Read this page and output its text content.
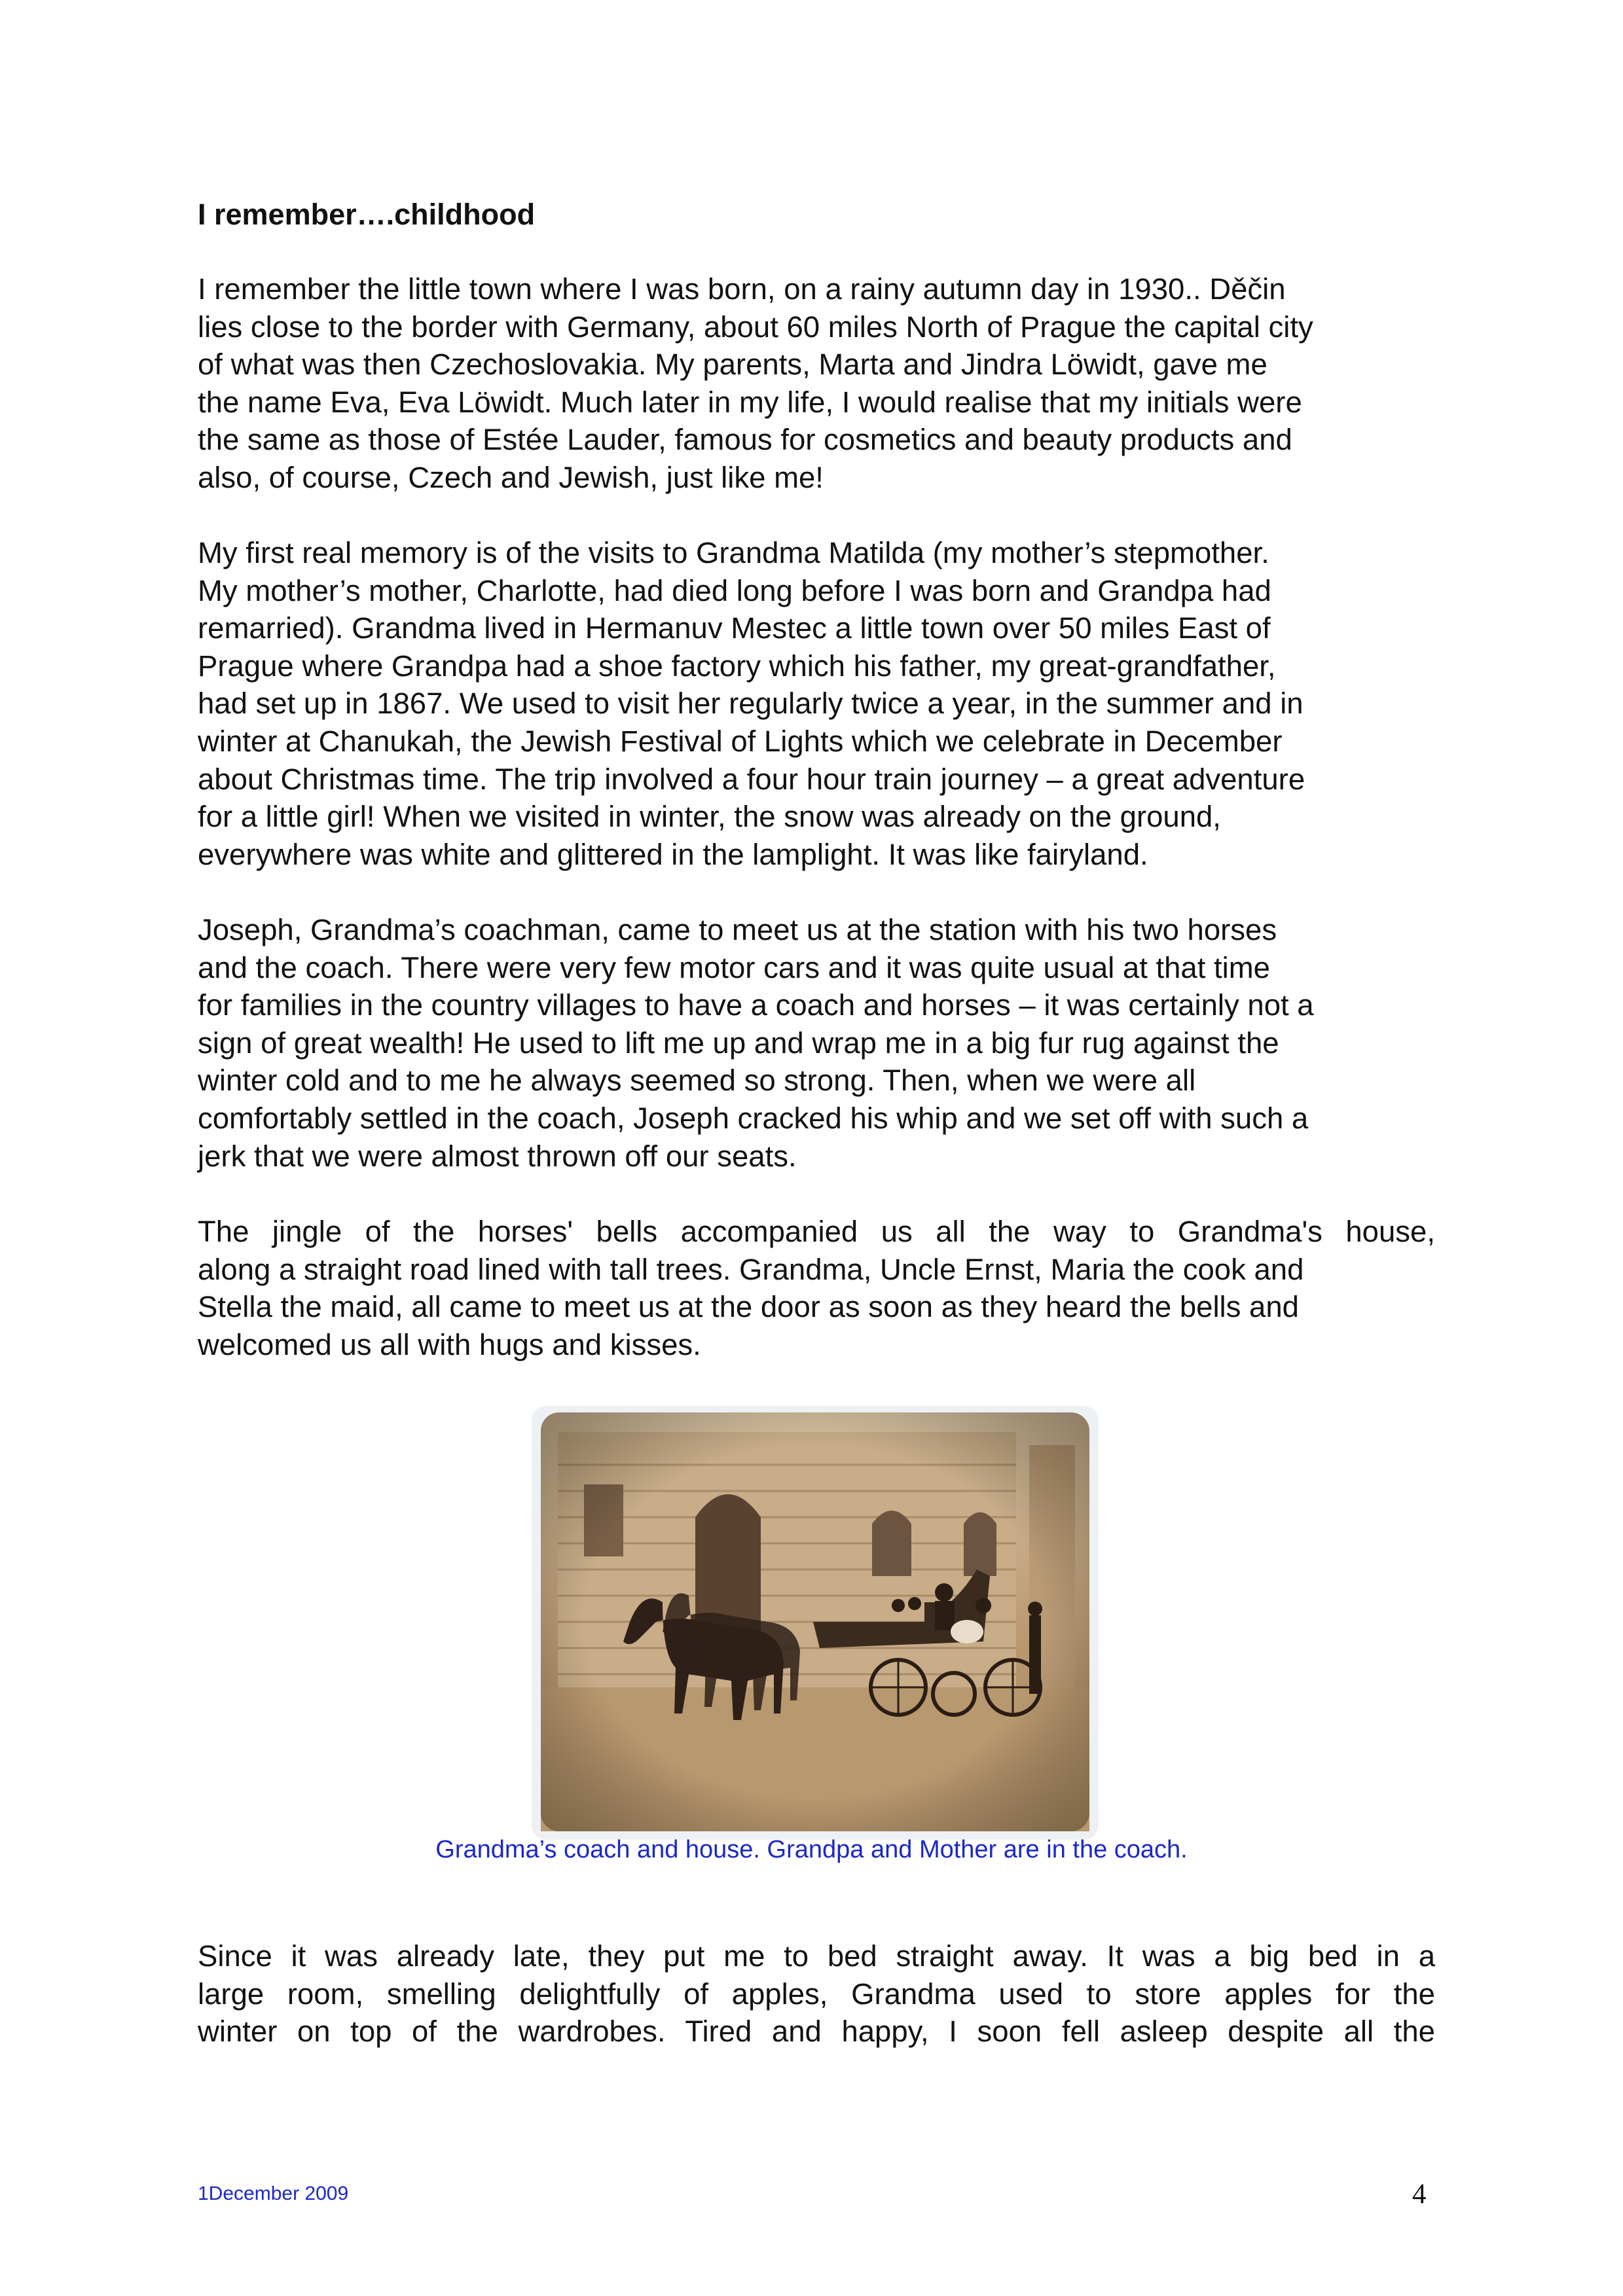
I remember….childhood
I remember the little town where I was born, on a rainy autumn day in 1930.. Děčin
lies close to the border with Germany, about 60 miles North of Prague the capital city
of what was then Czechoslovakia. My parents, Marta and Jindra Löwidt, gave me
the name Eva, Eva Löwidt. Much later in my life, I would realise that my initials were
the same as those of Estée Lauder, famous for cosmetics and beauty products and
also, of course, Czech and Jewish, just like me!
My first real memory is of the visits to Grandma Matilda (my mother’s stepmother.
My mother’s mother, Charlotte, had died long before I was born and Grandpa had
remarried). Grandma lived in Hermanuv Mestec a little town over 50 miles East of
Prague where Grandpa had a shoe factory which his father, my great-grandfather,
had set up in 1867. We used to visit her regularly twice a year, in the summer and in
winter at Chanukah, the Jewish Festival of Lights which we celebrate in December
about Christmas time. The trip involved a four hour train journey – a great adventure
for a little girl! When we visited in winter, the snow was already on the ground,
everywhere was white and glittered in the lamplight. It was like fairyland.
Joseph, Grandma’s coachman, came to meet us at the station with his two horses
and the coach. There were very few motor cars and it was quite usual at that time
for families in the country villages to have a coach and horses – it was certainly not a
sign of great wealth! He used to lift me up and wrap me in a big fur rug against the
winter cold and to me he always seemed so strong. Then, when we were all
comfortably settled in the coach, Joseph cracked his whip and we set off with such a
jerk that we were almost thrown off our seats.
The jingle of the horses' bells accompanied us all the way to Grandma's house,
along a straight road lined with tall trees. Grandma, Uncle Ernst, Maria the cook and
Stella the maid, all came to meet us at the door as soon as they heard the bells and
welcomed us all with hugs and kisses.
Grandma’s coach and house. Grandpa and Mother are in the coach.
Since it was already late, they put me to bed straight away. It was a big bed in a
large room, smelling delightfully of apples, Grandma used to store apples for the
winter on top of the wardrobes. Tired and happy, I soon fell asleep despite all the
1December 2009	4
